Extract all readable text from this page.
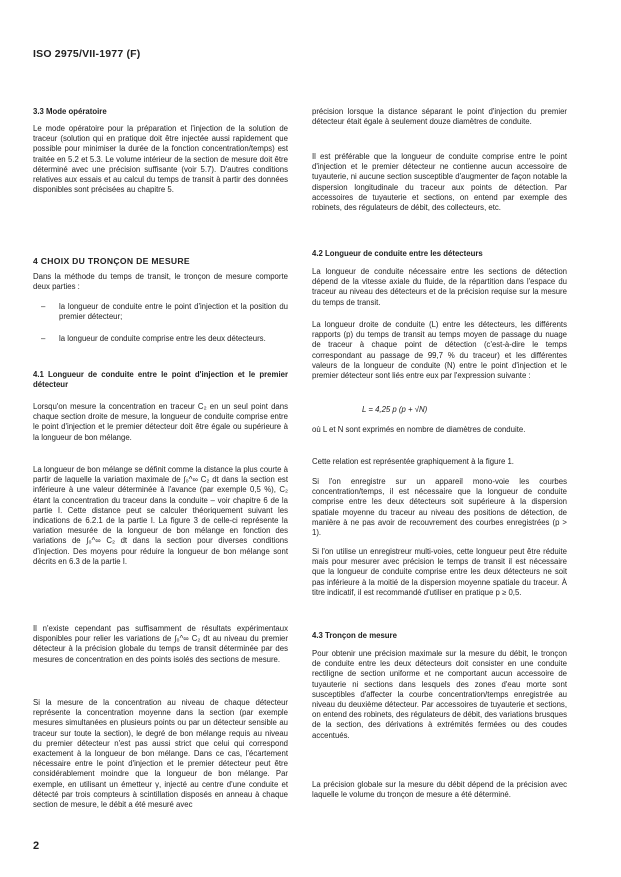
ISO 2975/VII-1977 (F)
3.3 Mode opératoire

Le mode opératoire pour la préparation et l'injection de la solution de traceur (solution qui en pratique doit être injectée aussi rapidement que possible pour minimiser la durée de la fonction concentration/temps) est traitée en 5.2 et 5.3. Le volume intérieur de la section de mesure doit être déterminé avec une précision suffisante (voir 5.7). D'autres conditions relatives aux essais et au calcul du temps de transit à partir des données disponibles sont précisées au chapitre 5.

4 CHOIX DU TRONÇON DE MESURE

Dans la méthode du temps de transit, le tronçon de mesure comporte deux parties :

–	la longueur de conduite entre le point d'injection et la position du premier détecteur;
–	la longueur de conduite comprise entre les deux détecteurs.
4.1 Longueur de conduite entre le point d'injection et le premier détecteur

Lorsqu'on mesure la concentration en traceur C₂ en un seul point dans chaque section droite de mesure, la longueur de conduite comprise entre le point d'injection et le premier détecteur doit être égale ou supérieure à la longueur de bon mélange.

La longueur de bon mélange se définit comme la distance la plus courte à partir de laquelle la variation maximale de ∫₀^∞ C₂ dt dans la section est inférieure à une valeur déterminée à l'avance (par exemple 0,5 %), C₂ étant la concentration du traceur dans la conduite – voir chapitre 6 de la partie I. Cette distance peut se calculer théoriquement suivant les indications de 6.2.1 de la partie I. La figure 3 de celle-ci représente la variation mesurée de la longueur de bon mélange en fonction des variations de ∫₀^∞ C₂ dt dans la section pour diverses conditions d'injection. Des moyens pour réduire la longueur de bon mélange sont décrits en 6.3 de la partie I.

Il n'existe cependant pas suffisamment de résultats expérimentaux disponibles pour relier les variations de ∫₀^∞ C₂ dt au niveau du premier détecteur à la précision globale du temps de transit déterminée par des mesures de concentration en des points isolés des sections de mesure.

Si la mesure de la concentration au niveau de chaque détecteur représente la concentration moyenne dans la section (par exemple mesures simultanées en plusieurs points ou par un détecteur sensible au traceur sur toute la section), le degré de bon mélange requis au niveau du premier détecteur n'est pas aussi strict que celui qui correspond exactement à la longueur de bon mélange. Dans ce cas, l'écartement nécessaire entre le point d'injection et le premier détecteur peut être considérablement moindre que la longueur de bon mélange. Par exemple, en utilisant un émetteur γ, injecté au centre d'une conduite et détecté par trois compteurs à scintillation disposés en anneau à chaque section de mesure, le débit a été mesuré avec

précision lorsque la distance séparant le point d'injection du premier détecteur était égale à seulement douze diamètres de conduite.

Il est préférable que la longueur de conduite comprise entre le point d'injection et le premier détecteur ne contienne aucun accessoire de tuyauterie, ni aucune section susceptible d'augmenter de façon notable la dispersion longitudinale du traceur aux points de détection. Par accessoires de tuyauterie et sections, on entend par exemple des robinets, des régulateurs de débit, des collecteurs, etc.

4.2 Longueur de conduite entre les détecteurs

La longueur de conduite nécessaire entre les sections de détection dépend de la vitesse axiale du fluide, de la répartition dans l'espace du traceur au niveau des détecteurs et de la précision requise sur la mesure du temps de transit.

La longueur droite de conduite (L) entre les détecteurs, les différents rapports (p) du temps de transit au temps moyen de passage du nuage de traceur à chaque point de détection (c'est-à-dire le temps correspondant au passage de 99,7 % du traceur) et les différentes valeurs de la longueur de conduite (N) entre le point d'injection et le premier détecteur sont liés entre eux par l'expression suivante :

L = 4,25 p (p + √N)

où L et N sont exprimés en nombre de diamètres de conduite.

Cette relation est représentée graphiquement à la figure 1.

Si l'on enregistre sur un appareil mono-voie les courbes concentration/temps, il est nécessaire que la longueur de conduite comprise entre les deux détecteurs soit supérieure à la dispersion spatiale moyenne du traceur au niveau des positions de détection, de manière à ne pas avoir de recouvrement des courbes enregistrées (p > 1).

Si l'on utilise un enregistreur multi-voies, cette longueur peut être réduite mais pour mesurer avec précision le temps de transit il est nécessaire que la longueur de conduite comprise entre les deux détecteurs ne soit pas inférieure à la moitié de la dispersion moyenne spatiale du traceur. À titre indicatif, il est recommandé d'utiliser en pratique p ≥ 0,5.

4.3 Tronçon de mesure

Pour obtenir une précision maximale sur la mesure du débit, le tronçon de conduite entre les deux détecteurs doit consister en une conduite rectiligne de section uniforme et ne comportant aucun accessoire de tuyauterie ni sections dans lesquels des zones d'eau morte sont susceptibles d'affecter la courbe concentration/temps enregistrée au niveau du deuxième détecteur. Par accessoires de tuyauterie et sections, on entend des robinets, des régulateurs de débit, des variations brusques de la section, des dérivations à extrémités fermées ou des coudes accentués.

La précision globale sur la mesure du débit dépend de la précision avec laquelle le volume du tronçon de mesure a été déterminé.

2
